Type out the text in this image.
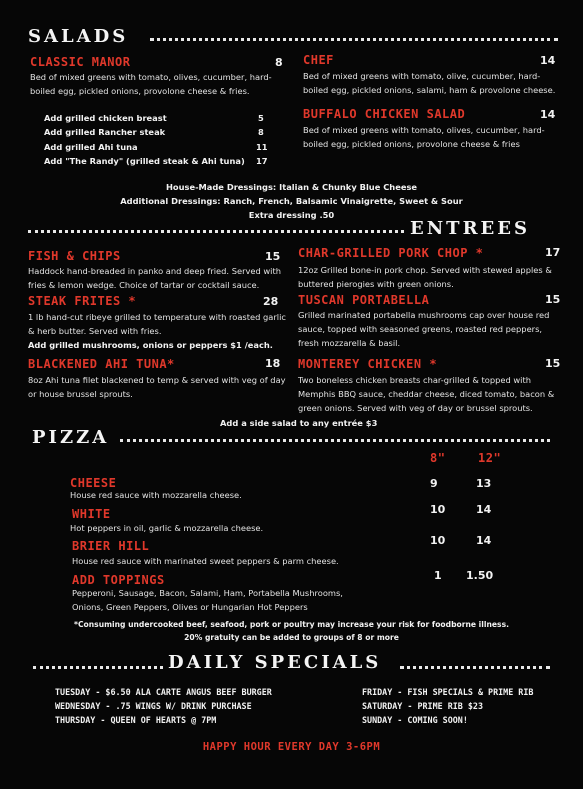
SALADS
CLASSIC MANOR	8
Bed of mixed greens with tomato, olives, cucumber, hard-boiled egg, pickled onions, provolone cheese & fries.
Add grilled chicken breast	5
Add grilled Rancher steak	8
Add grilled Ahi tuna	11
Add "The Randy" (grilled steak & Ahi tuna) 17
CHEF	14
Bed of mixed greens with tomato, olive, cucumber, hard-boiled egg, pickled onions, salami, ham & provolone cheese.
BUFFALO CHICKEN SALAD	14
Bed of mixed greens with tomato, olives, cucumber, hard-boiled egg, pickled onions, provolone cheese & fries
House-Made Dressings: Italian & Chunky Blue Cheese
Additional Dressings: Ranch, French, Balsamic Vinaigrette, Sweet & Sour
Extra dressing .50
ENTREES
FISH & CHIPS	15
Haddock hand-breaded in panko and deep fried. Served with fries & lemon wedge. Choice of tartar or cocktail sauce.
STEAK FRITES *	28
1 lb hand-cut ribeye grilled to temperature with roasted garlic & herb butter. Served with fries.
Add grilled mushrooms, onions or peppers $1 /each.
BLACKENED AHI TUNA*	18
8oz Ahi tuna filet blackened to temp & served with veg of day or house brussel sprouts.
CHAR-GRILLED PORK CHOP *	17
12oz Grilled bone-in pork chop. Served with stewed apples & buttered pierogies with green onions.
TUSCAN PORTABELLA	15
Grilled marinated portabella mushrooms cap over house red sauce, topped with seasoned greens, roasted red peppers, fresh mozzarella & basil.
MONTEREY CHICKEN *	15
Two boneless chicken breasts char-grilled & topped with Memphis BBQ sauce, cheddar cheese, diced tomato, bacon & green onions. Served with veg of day or brussel sprouts.
Add a side salad to any entrée $3
PIZZA
8"	12"
CHEESE
House red sauce with mozzarella cheese.
9	13
WHITE
Hot peppers in oil, garlic & mozzarella cheese.
10	14
BRIER HILL
House red sauce with marinated sweet peppers & parm cheese.
10	14
ADD TOPPINGS
Pepperoni, Sausage, Bacon, Salami, Ham, Portabella Mushrooms, Onions, Green Peppers, Olives or Hungarian Hot Peppers
1 1.50
*Consuming undercooked beef, seafood, pork or poultry may increase your risk for foodborne illness.
20% gratuity can be added to groups of 8 or more
DAILY SPECIALS
TUESDAY - $6.50 ALA CARTE ANGUS BEEF BURGER
WEDNESDAY - .75 WINGS W/ DRINK PURCHASE
THURSDAY - QUEEN OF HEARTS @ 7PM
FRIDAY - FISH SPECIALS & PRIME RIB
SATURDAY - PRIME RIB $23
SUNDAY - COMING SOON!
HAPPY HOUR EVERY DAY 3-6PM
